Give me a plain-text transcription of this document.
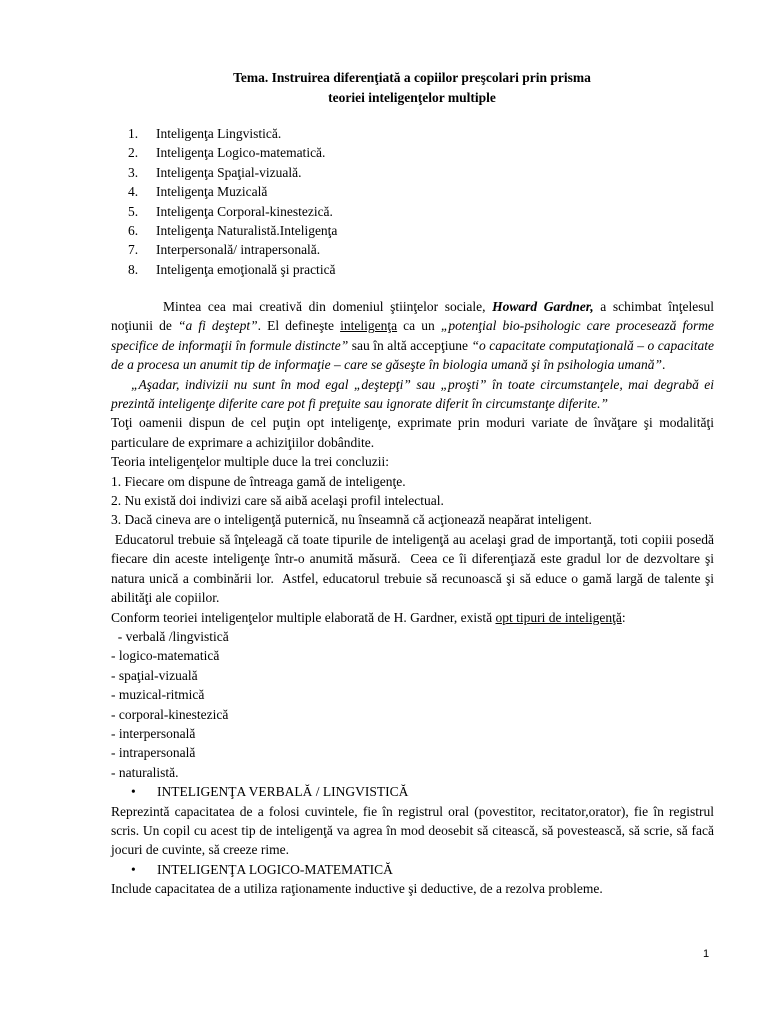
Tema. Instruirea diferenţiată a copiilor preşcolari prin prisma
teoriei inteligenţelor multiple
1. Inteligenţa Lingvistică.
2. Inteligenţa Logico-matematică.
3. Inteligenţa Spaţial-vizuală.
4. Inteligenţa Muzicală
5. Inteligenţa Corporal-kinestezică.
6. Inteligenţa Naturalistă.Inteligenţa
7. Interpersonală/ intrapersonală.
8. Inteligenţa emoţională şi practică

Mintea cea mai creativă din domeniul ştiinţelor sociale, Howard Gardner, a schimbat înţelesul noţiunii de “a fi deştept”. El defineşte inteligenţa ca un „potenţial bio-psihologic care procesează forme specifice de informaţii în formule distincte” sau în altă accepţiune “o capacitate computaţională – o capacitate de a procesa un anumit tip de informaţie – care se găseşte în biologia umană şi în psihologia umană”.

„Aşadar, indivizii nu sunt în mod egal „deştepţi” sau „proşti” în toate circumstanţele, mai degrabă ei prezintă inteligenţe diferite care pot fi preţuite sau ignorate diferit în circumstanţe diferite.”

Toţi oamenii dispun de cel puţin opt inteligenţe, exprimate prin moduri variate de învăţare şi modalităţi particulare de exprimare a achiziţiilor dobândite.

Teoria inteligenţelor multiple duce la trei concluzii:

1. Fiecare om dispune de întreaga gamă de inteligenţe.

2. Nu există doi indivizi care să aibă acelaşi profil intelectual.

3. Dacă cineva are o inteligenţă puternică, nu înseamnă că acţionează neapărat inteligent.

Educatorul trebuie să înţeleagă că toate tipurile de inteligenţă au acelaşi grad de importanţă, toti copiii posedă fiecare din aceste inteligenţe într-o anumită măsură.  Ceea ce îi diferenţiază este gradul lor de dezvoltare şi natura unică a combinării lor.  Astfel, educatorul trebuie să recunoască şi să educe o gamă largă de talente şi abilităţi ale copiilor.

Conform teoriei inteligenţelor multiple elaborată de H. Gardner, există opt tipuri de inteligenţă:

- verbală /lingvistică

- logico-matematică

- spaţial-vizuală

- muzical-ritmică

- corporal-kinestezică

- interpersonală

- intrapersonală

- naturalistă.

• INTELIGENŢA VERBALĂ / LINGVISTICĂ

Reprezintă capacitatea de a folosi cuvintele, fie în registrul oral (povestitor, recitator,orator), fie în registrul scris. Un copil cu acest tip de inteligenţă va agrea în mod deosebit să citească, să povestească, să scrie, să facă jocuri de cuvinte, să creeze rime.

• INTELIGENŢA LOGICO-MATEMATICĂ

Include capacitatea de a utiliza raţionamente inductive şi deductive, de a rezolva probleme.

1
